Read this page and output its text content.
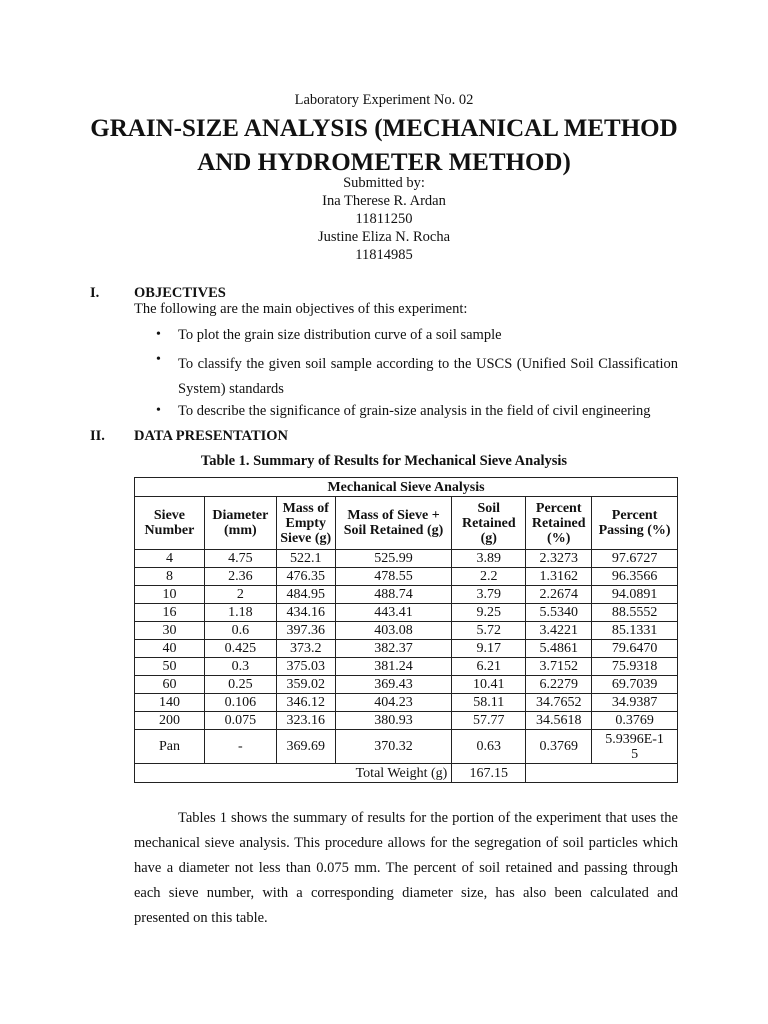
Laboratory Experiment No. 02
GRAIN-SIZE ANALYSIS (MECHANICAL METHOD
AND HYDROMETER METHOD)
Submitted by:
Ina Therese R. Ardan
11811250
Justine Eliza N. Rocha
11814985
I. OBJECTIVES
The following are the main objectives of this experiment:
• To plot the grain size distribution curve of a soil sample
• To classify the given soil sample according to the USCS (Unified Soil Classification System) standards
• To describe the significance of grain-size analysis in the field of civil engineering
II. DATA PRESENTATION
Table 1. Summary of Results for Mechanical Sieve Analysis
Mechanical Sieve Analysis						
Sieve Number	Diameter (mm)	Mass of Empty Sieve (g)	Mass of Sieve + Soil Retained (g)	Soil Retained (g)	Percent Retained (%)	Percent Passing (%)
4	4.75	522.1	525.99	3.89	2.3273	97.6727
8	2.36	476.35	478.55	2.2	1.3162	96.3566
10	2	484.95	488.74	3.79	2.2674	94.0891
16	1.18	434.16	443.41	9.25	5.5340	88.5552
30	0.6	397.36	403.08	5.72	3.4221	85.1331
40	0.425	373.2	382.37	9.17	5.4861	79.6470
50	0.3	375.03	381.24	6.21	3.7152	75.9318
60	0.25	359.02	369.43	10.41	6.2279	69.7039
140	0.106	346.12	404.23	58.11	34.7652	34.9387
200	0.075	323.16	380.93	57.77	34.5618	0.3769
Pan	-	369.69	370.32	0.63	0.3769	5.9396E-15
Total Weight (g)				167.15		
Tables 1 shows the summary of results for the portion of the experiment that uses the mechanical sieve analysis. This procedure allows for the segregation of soil particles which have a diameter not less than 0.075 mm. The percent of soil retained and passing through each sieve number, with a corresponding diameter size, has also been calculated and presented on this table.
